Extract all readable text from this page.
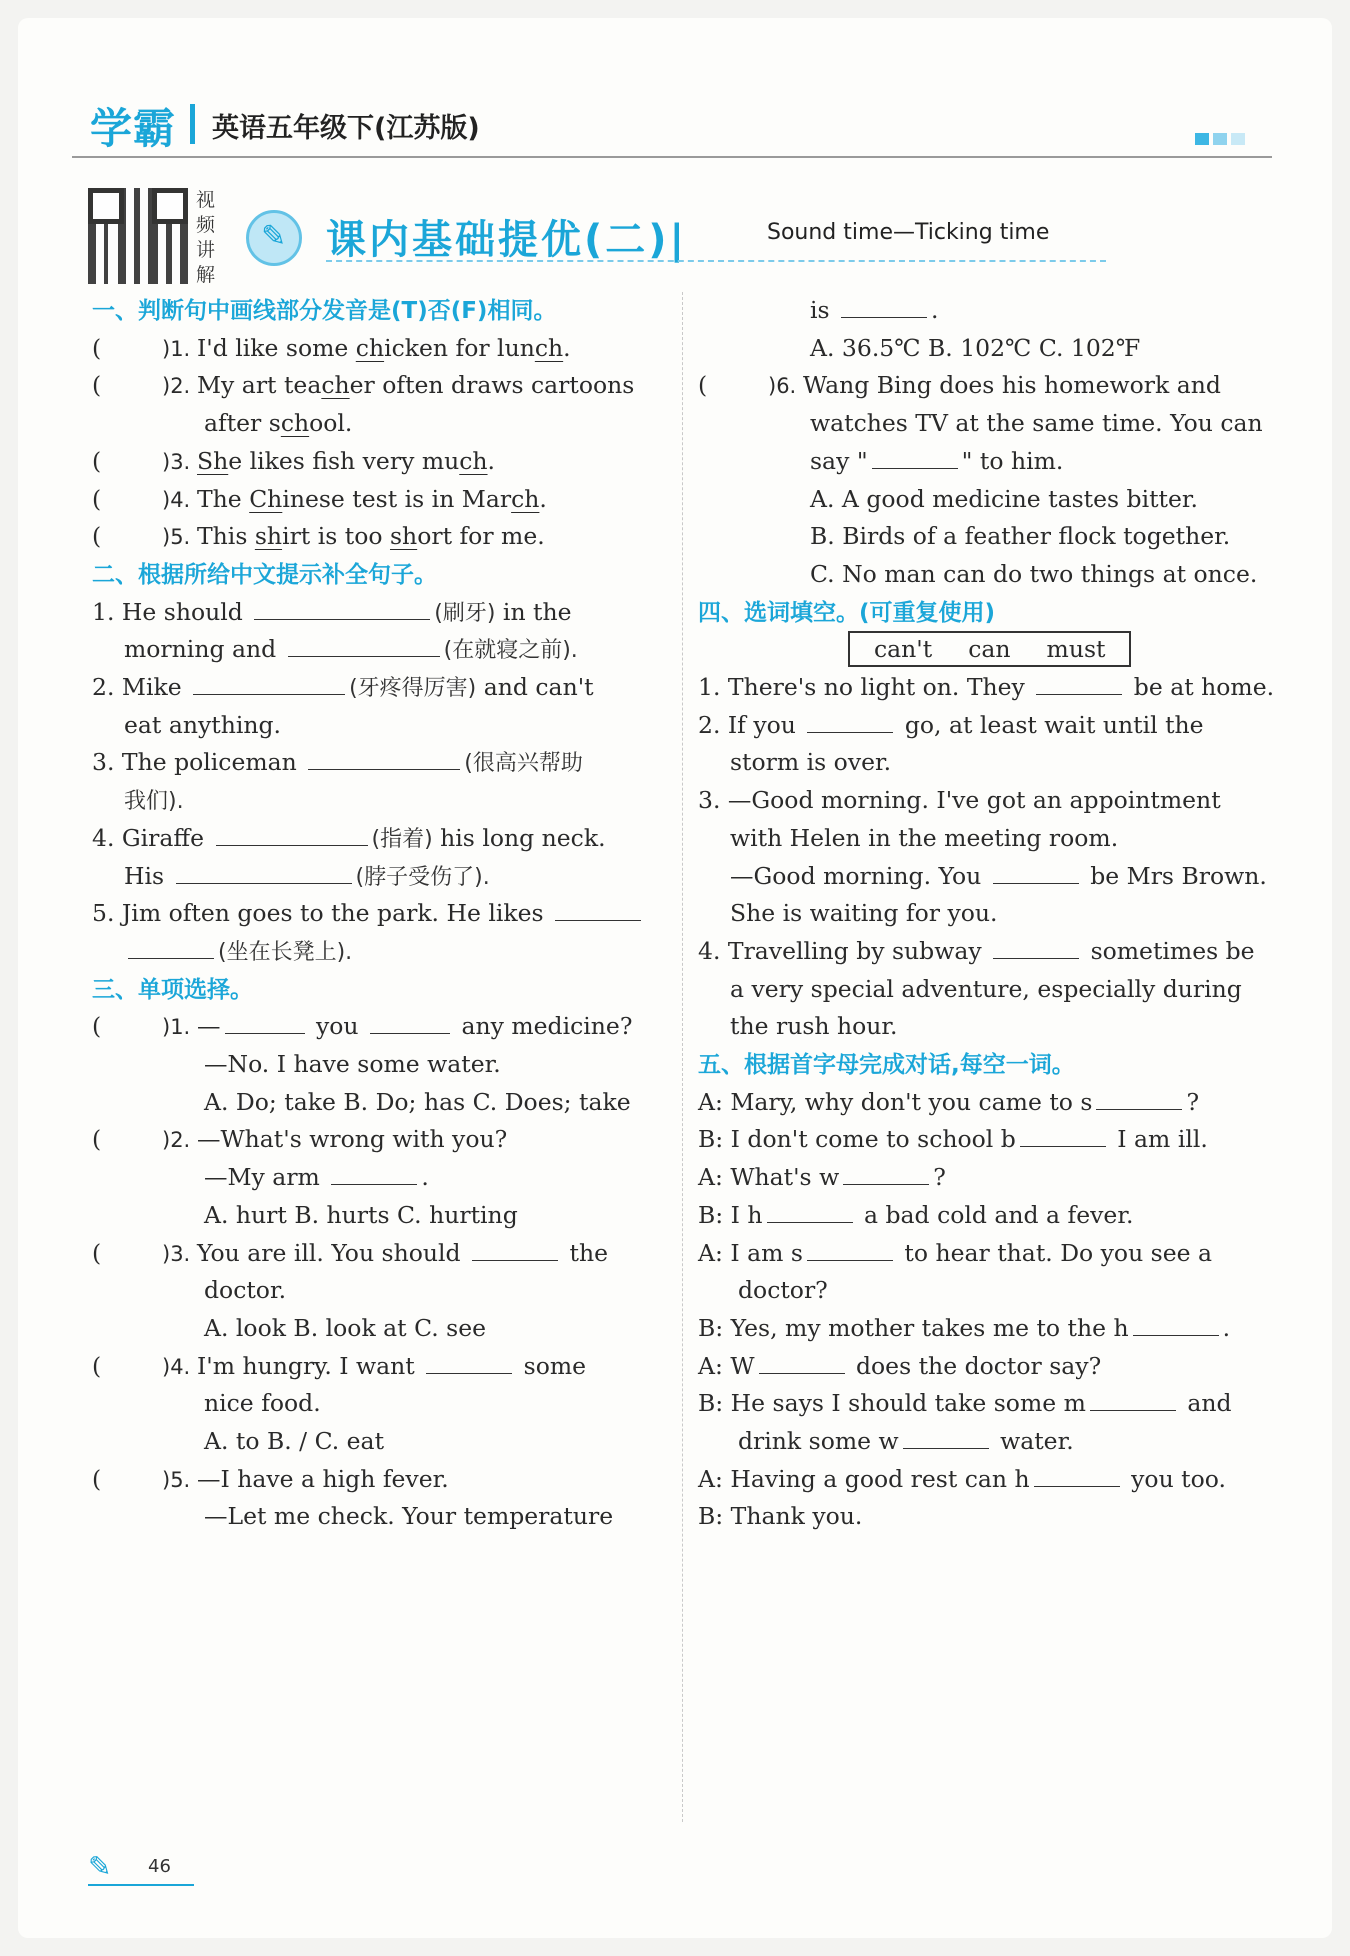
学霸 英语五年级下(江苏版)
视频讲解
✎
课内基础提优(二)|	Sound time—Ticking time
一、判断句中画线部分发音是(T)否(F)相同。
(	)1. I'd like some chicken for lunch.
(	)2. My art teacher often draws cartoons
after school.
(	)3. She likes fish very much.
(	)4. The Chinese test is in March.
(	)5. This shirt is too short for me.
二、根据所给中文提示补全句子。
1. He should	(刷牙) in the
morning and	(在就寝之前).
2. Mike	(牙疼得厉害) and can't
eat anything.
3. The policeman	(很高兴帮助
我们).
4. Giraffe	(指着) his long neck.
His	(脖子受伤了).
5. Jim often goes to the park. He likes
(坐在长凳上).
三、单项选择。
(	)1. —	you	any medicine?
—No. I have some water.
A. Do; take B. Do; has C. Does; take
(	)2. —What's wrong with you?
—My arm	.
A. hurt B. hurts C. hurting
(	)3. You are ill. You should	the
doctor.
A. look B. look at C. see
(	)4. I'm hungry. I want	some
nice food.
A. to B. / C. eat
(	)5. —I have a high fever.
—Let me check. Your temperature
is	.
A. 36.5℃ B. 102℃ C. 102℉
(	)6. Wang Bing does his homework and
watches TV at the same time. You can
say "	" to him.
A. A good medicine tastes bitter.
B. Birds of a feather flock together.
C. No man can do two things at once.
四、选词填空。(可重复使用)
can't can must
1. There's no light on. They	be at home.
2. If you	go, at least wait until the
storm is over.
3. —Good morning. I've got an appointment
with Helen in the meeting room.
—Good morning. You	be Mrs Brown.
She is waiting for you.
4. Travelling by subway	sometimes be
a very special adventure, especially during
the rush hour.
五、根据首字母完成对话,每空一词。
A: Mary, why don't you came to s	?
B: I don't come to school b	I am ill.
A: What's w	?
B: I h	a bad cold and a fever.
A: I am s	to hear that. Do you see a
doctor?
B: Yes, my mother takes me to the h	.
A: W	does the doctor say?
B: He says I should take some m	and
drink some w	water.
A: Having a good rest can h	you too.
B: Thank you.
✎ 46
